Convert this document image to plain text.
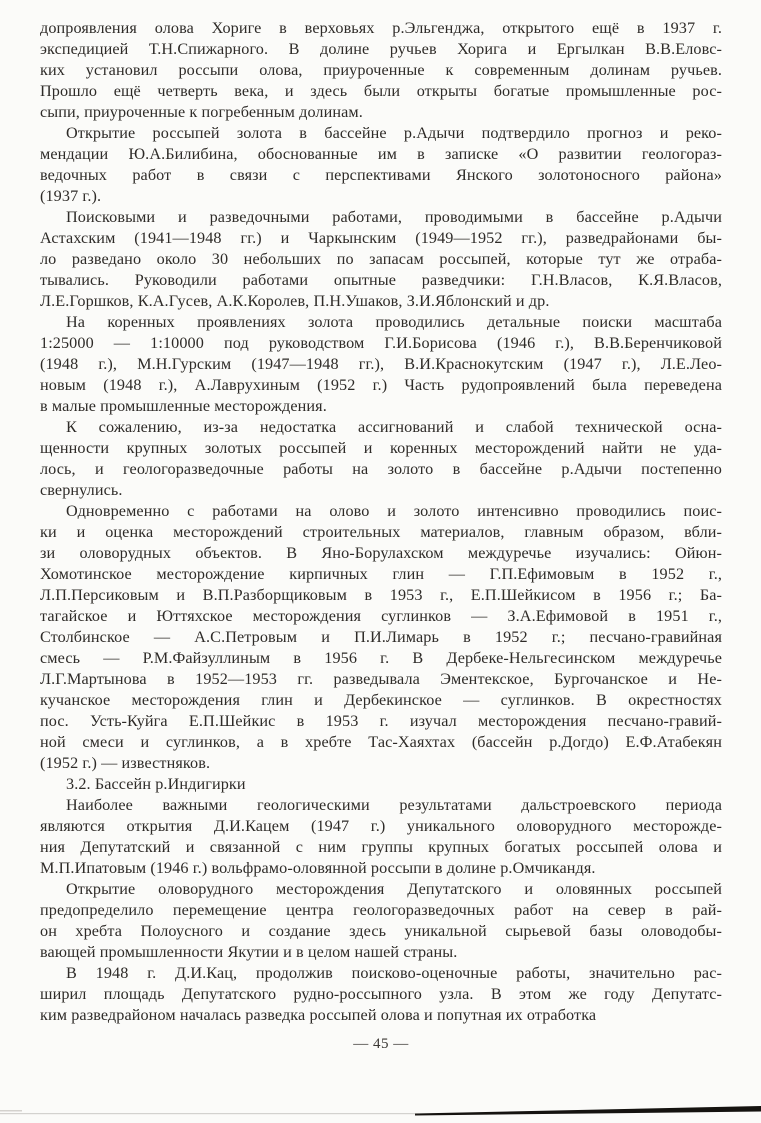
допроявления олова Хориге в верховьях р.Эльгенджа, открытого ещё в 1937 г.
экспедицией Т.Н.Спижарного. В долине ручьев Хорига и Ергылкан В.В.Еловс-
ких установил россыпи олова, приуроченные к современным долинам ручьев.
Прошло ещё четверть века, и здесь были открыты богатые промышленные рос-
сыпи, приуроченные к погребенным долинам.
Открытие россыпей золота в бассейне р.Адычи подтвердило прогноз и реко-
мендации Ю.А.Билибина, обоснованные им в записке «О развитии геологораз-
ведочных работ в связи с перспективами Янского золотоносного района»
(1937 г.).
Поисковыми и разведочными работами, проводимыми в бассейне р.Адычи
Астахским (1941—1948 гг.) и Чаркынским (1949—1952 гг.), разведрайонами бы-
ло разведано около 30 небольших по запасам россыпей, которые тут же отраба-
тывались. Руководили работами опытные разведчики: Г.Н.Власов, К.Я.Власов,
Л.Е.Горшков, К.А.Гусев, А.К.Королев, П.Н.Ушаков, З.И.Яблонский и др.
На коренных проявлениях золота проводились детальные поиски масштаба
1:25000 — 1:10000 под руководством Г.И.Борисова (1946 г.), В.В.Беренчиковой
(1948 г.), М.Н.Гурским (1947—1948 гг.), В.И.Краснокутским (1947 г.), Л.Е.Лео-
новым (1948 г.), А.Лаврухиным (1952 г.) Часть рудопроявлений была переведена
в малые промышленные месторождения.
К сожалению, из-за недостатка ассигнований и слабой технической осна-
щенности крупных золотых россыпей и коренных месторождений найти не уда-
лось, и геологоразведочные работы на золото в бассейне р.Адычи постепенно
свернулись.
Одновременно с работами на олово и золото интенсивно проводились поис-
ки и оценка месторождений строительных материалов, главным образом, вбли-
зи оловорудных объектов. В Яно-Борулахском междуречье изучались: Ойюн-
Хомотинское месторождение кирпичных глин — Г.П.Ефимовым в 1952 г.,
Л.П.Персиковым и В.П.Разборщиковым в 1953 г., Е.П.Шейкисом в 1956 г.; Ба-
тагайское и Юттяхское месторождения суглинков — З.А.Ефимовой в 1951 г.,
Столбинское — А.С.Петровым и П.И.Лимарь в 1952 г.; песчано-гравийная
смесь — Р.М.Файзуллиным в 1956 г. В Дербеке-Нельгесинском междуречье
Л.Г.Мартынова в 1952—1953 гг. разведывала Эментекское, Бургочанское и Не-
кучанское месторождения глин и Дербекинское — суглинков. В окрестностях
пос. Усть-Куйга Е.П.Шейкис в 1953 г. изучал месторождения песчано-гравий-
ной смеси и суглинков, а в хребте Тас-Хаяхтах (бассейн р.Догдо) Е.Ф.Атабекян
(1952 г.) — известняков.
3.2. Бассейн р.Индигирки
Наиболее важными геологическими результатами дальстроевского периода
являются открытия Д.И.Кацем (1947 г.) уникального оловорудного месторожде-
ния Депутатский и связанной с ним группы крупных богатых россыпей олова и
М.П.Ипатовым (1946 г.) вольфрамо-оловянной россыпи в долине р.Омчикандя.
Открытие оловорудного месторождения Депутатского и оловянных россыпей
предопределило перемещение центра геологоразведочных работ на север в рай-
он хребта Полоусного и создание здесь уникальной сырьевой базы оловодобы-
вающей промышленности Якутии и в целом нашей страны.
В 1948 г. Д.И.Кац, продолжив поисково-оценочные работы, значительно рас-
ширил площадь Депутатского рудно-россыпного узла. В этом же году Депутатс-
ким разведрайоном началась разведка россыпей олова и попутная их отработка
— 45 —
